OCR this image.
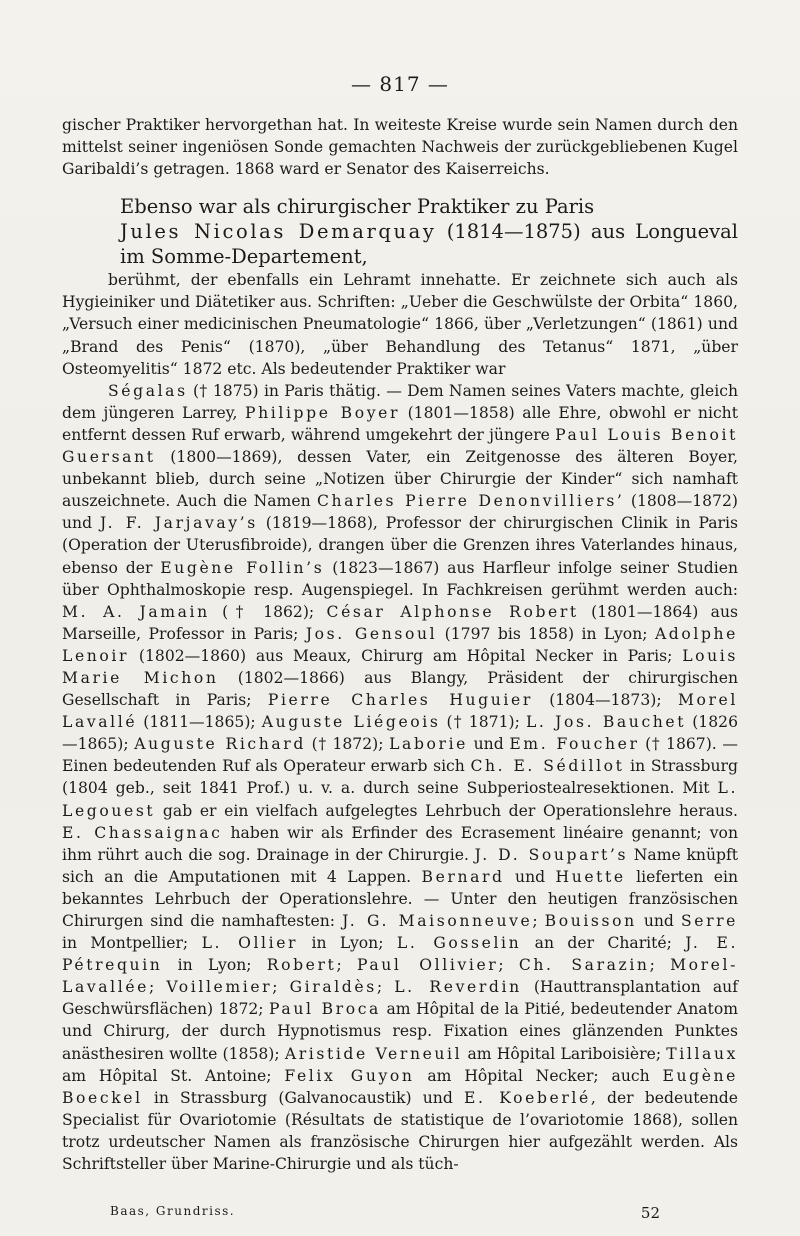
— 817 —

gischer Praktiker hervorgethan hat. In weiteste Kreise wurde sein Namen durch den mittelst seiner ingeniösen Sonde gemachten Nachweis der zurückgebliebenen Kugel Garibaldi’s getragen. 1868 ward er Senator des Kaiserreichs.

Ebenso war als chirurgischer Praktiker zu Paris

Jules Nicolas Demarquay (1814—1875) aus Longueval im Somme-Departement,

berühmt, der ebenfalls ein Lehramt innehatte. Er zeichnete sich auch als Hygieiniker und Diätetiker aus. Schriften: „Ueber die Geschwülste der Orbita“ 1860, „Versuch einer medicinischen Pneumatologie“ 1866, über „Verletzungen“ (1861) und „Brand des Penis“ (1870), „über Behandlung des Tetanus“ 1871, „über Osteomyelitis“ 1872 etc. Als bedeutender Praktiker war

Ségalas († 1875) in Paris thätig. — Dem Namen seines Vaters machte, gleich dem jüngeren Larrey, Philippe Boyer (1801—1858) alle Ehre, obwohl er nicht entfernt dessen Ruf erwarb, während umgekehrt der jüngere Paul Louis Benoit Guersant (1800—1869), dessen Vater, ein Zeitgenosse des älteren Boyer, unbekannt blieb, durch seine „Notizen über Chirurgie der Kinder“ sich namhaft auszeichnete. Auch die Namen Charles Pierre Denonvilliers’ (1808—1872) und J. F. Jarjavay’s (1819—1868), Professor der chirurgischen Clinik in Paris (Operation der Uterusfibroide), drangen über die Grenzen ihres Vaterlandes hinaus, ebenso der Eugène Follin’s (1823—1867) aus Harfleur infolge seiner Studien über Ophthalmoskopie resp. Augenspiegel. In Fachkreisen gerühmt werden auch: M. A. Jamain († 1862); César Alphonse Robert (1801—1864) aus Marseille, Professor in Paris; Jos. Gensoul (1797 bis 1858) in Lyon; Adolphe Lenoir (1802—1860) aus Meaux, Chirurg am Hôpital Necker in Paris; Louis Marie Michon (1802—1866) aus Blangy, Präsident der chirurgischen Gesellschaft in Paris; Pierre Charles Huguier (1804—1873); Morel Lavallé (1811—1865); Auguste Liégeois († 1871); L. Jos. Bauchet (1826—1865); Auguste Richard († 1872); Laborie und Em. Foucher († 1867). — Einen bedeutenden Ruf als Operateur erwarb sich Ch. E. Sédillot in Strassburg (1804 geb., seit 1841 Prof.) u. v. a. durch seine Subperiostealresektionen. Mit L. Legouest gab er ein vielfach aufgelegtes Lehrbuch der Operationslehre heraus. E. Chassaignac haben wir als Erfinder des Ecrasement linéaire genannt; von ihm rührt auch die sog. Drainage in der Chirurgie. J. D. Soupart’s Name knüpft sich an die Amputationen mit 4 Lappen. Bernard und Huette lieferten ein bekanntes Lehrbuch der Operationslehre. — Unter den heutigen französischen Chirurgen sind die namhaftesten: J. G. Maisonneuve; Bouisson und Serre in Montpellier; L. Ollier in Lyon; L. Gosselin an der Charité; J. E. Pétrequin in Lyon; Robert; Paul Ollivier; Ch. Sarazin; Morel-Lavallée; Voillemier; Giraldès; L. Reverdin (Hauttransplantation auf Geschwürsflächen) 1872; Paul Broca am Hôpital de la Pitié, bedeutender Anatom und Chirurg, der durch Hypnotismus resp. Fixation eines glänzenden Punktes anästhesiren wollte (1858); Aristide Verneuil am Hôpital Lariboisière; Tillaux am Hôpital St. Antoine; Felix Guyon am Hôpital Necker; auch Eugène Boeckel in Strassburg (Galvanocaustik) und E. Koeberlé, der bedeutende Specialist für Ovariotomie (Résultats de statistique de l’ovariotomie 1868), sollen trotz urdeutscher Namen als französische Chirurgen hier aufgezählt werden. Als Schriftsteller über Marine-Chirurgie und als tüch-

Baas, Grundriss.	52
